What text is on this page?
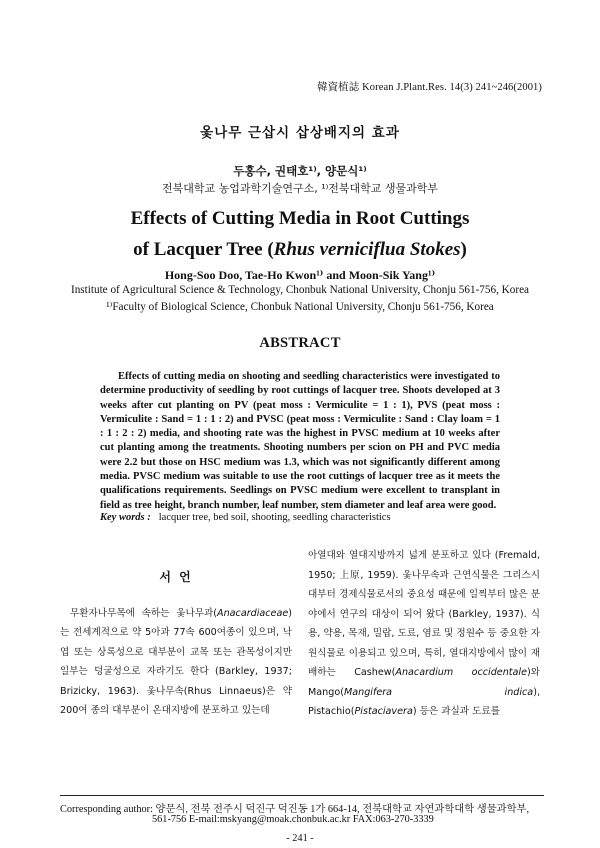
韓資植誌 Korean J.Plant.Res. 14(3) 241~246(2001)
옻나무 근삽시 삽상배지의 효과
두홍수, 권태호¹⁾, 양문식¹⁾
전북대학교 농업과학기술연구소, ¹⁾전북대학교 생물과학부
Effects of Cutting Media in Root Cuttings
of Lacquer Tree (Rhus verniciflua Stokes)
Hong-Soo Doo, Tae-Ho Kwon¹⁾ and Moon-Sik Yang¹⁾
Institute of Agricultural Science & Technology, Chonbuk National University, Chonju 561-756, Korea
¹⁾Faculty of Biological Science, Chonbuk National University, Chonju 561-756, Korea
ABSTRACT

Effects of cutting media on shooting and seedling characteristics were investigated to determine productivity of seedling by root cuttings of lacquer tree. Shoots developed at 3 weeks after cut planting on PV (peat moss : Vermiculite = 1 : 1), PVS (peat moss : Vermiculite : Sand = 1 : 1 : 2) and PVSC (peat moss : Vermiculite : Sand : Clay loam = 1 : 1 : 2 : 2) media, and shooting rate was the highest in PVSC medium at 10 weeks after cut planting among the treatments. Shooting numbers per scion on PH and PVC media were 2.2 but those on HSC medium was 1.3, which was not significantly different among media. PVSC medium was suitable to use the root cuttings of lacquer tree as it meets the qualifications requirements. Seedlings on PVSC medium were excellent to transplant in field as tree height, branch number, leaf number, stem diameter and leaf area were good.

Key words : lacquer tree, bed soil, shooting, seedling characteristics

서 언

무환자나무목에 속하는 옻나무과(Anacardiaceae)는 전세계적으로 약 5아과 77속 600여종이 있으며, 낙엽 또는 상록성으로 대부분이 교목 또는 관목성이지만 일부는 덩굴성으로 자라기도 한다 (Barkley, 1937; Brizicky, 1963). 옻나무속(Rhus Linnaeus)은 약 200여 종의 대부분이 온대지방에 분포하고 있는데

아열대와 열대지방까지 넓게 분포하고 있다 (Fremald, 1950; 上原, 1959). 옻나무속과 근연식물은 그리스시대부터 경제식물로서의 중요성 때문에 일찍부터 많은 분야에서 연구의 대상이 되어 왔다 (Barkley, 1937). 식용, 약용, 목재, 밀랍, 도료, 염료 및 정원수 등 중요한 자원식물로 이용되고 있으며, 특히, 열대지방에서 많이 재배하는 Cashew(Anacardium occidentale)와 Mango(Mangifera indica), Pistachio(Pistaciavera) 등은 과실과 도료를

Corresponding author: 양문식, 전북 전주시 덕진구 덕진동 1가 664-14, 전북대학교 자연과학대학 생물과학부,
561-756 E-mail:mskyang@moak.chonbuk.ac.kr FAX:063-270-3339
- 241 -
